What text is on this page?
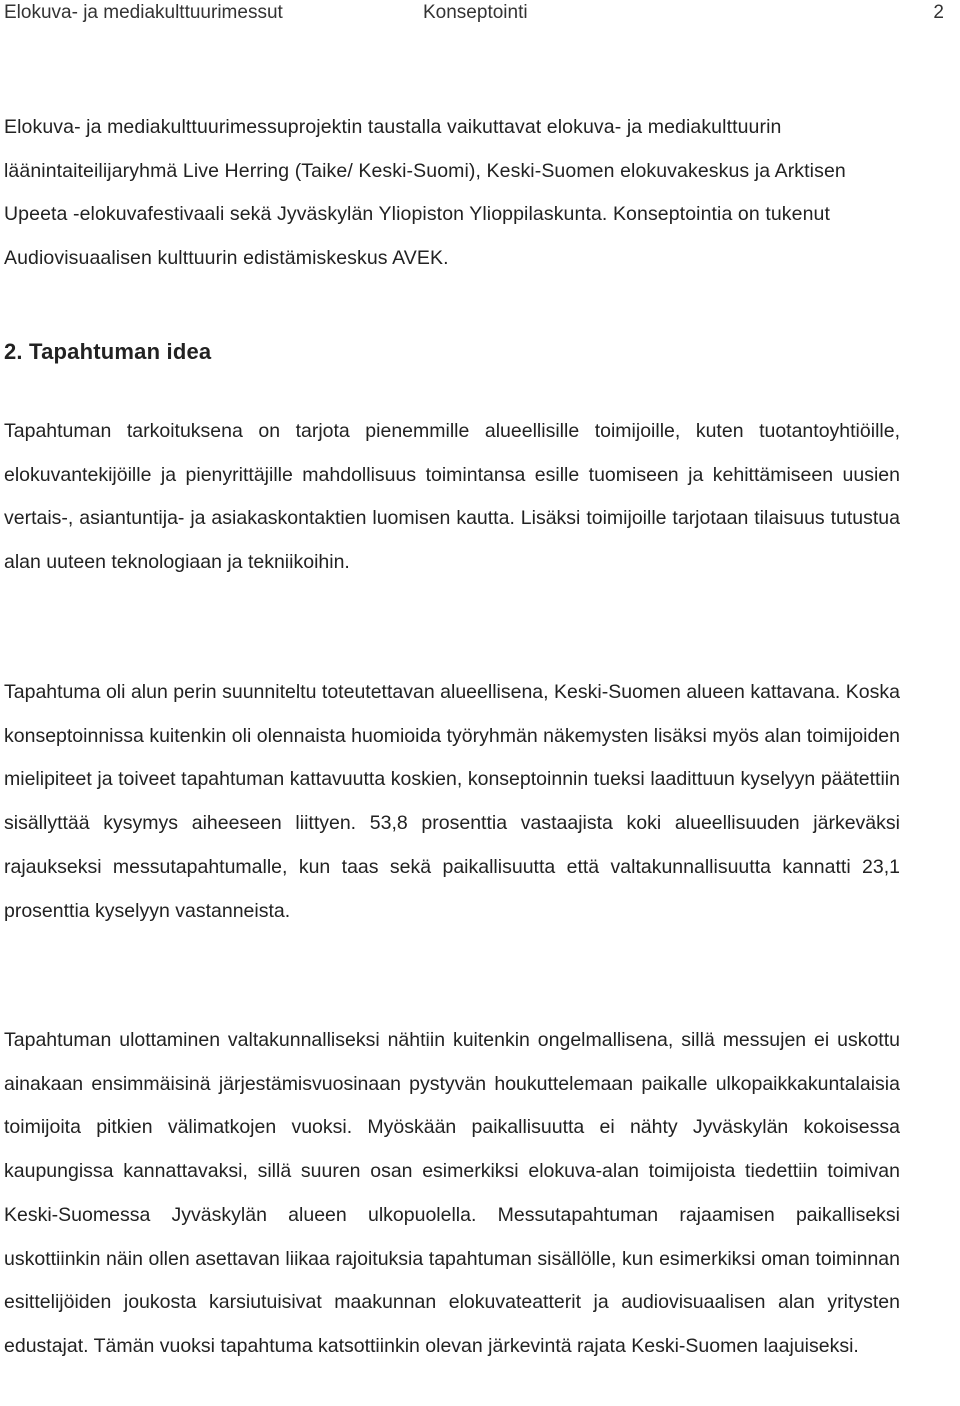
Elokuva- ja mediakulttuurimessut	Konseptointi	2

Elokuva- ja mediakulttuurimessuprojektin taustalla vaikuttavat elokuva- ja mediakulttuurin läänintaiteilijaryhmä Live Herring (Taike/ Keski-Suomi), Keski-Suomen elokuvakeskus ja Arktisen Upeeta -elokuvafestivaali sekä Jyväskylän Yliopiston Ylioppilaskunta. Konseptointia on tukenut Audiovisuaalisen kulttuurin edistämiskeskus AVEK.

2. Tapahtuman idea

Tapahtuman tarkoituksena on tarjota pienemmille alueellisille toimijoille, kuten tuotantoyhtiöille, elokuvantekijöille ja pienyrittäjille mahdollisuus toimintansa esille tuomiseen ja kehittämiseen uusien vertais-, asiantuntija- ja asiakaskontaktien luomisen kautta. Lisäksi toimijoille tarjotaan tilaisuus tutustua alan uuteen teknologiaan ja tekniikoihin.

Tapahtuma oli alun perin suunniteltu toteutettavan alueellisena, Keski-Suomen alueen kattavana. Koska konseptoinnissa kuitenkin oli olennaista huomioida työryhmän näkemysten lisäksi myös alan toimijoiden mielipiteet ja toiveet tapahtuman kattavuutta koskien, konseptoinnin tueksi laadittuun kyselyyn päätettiin sisällyttää kysymys aiheeseen liittyen. 53,8 prosenttia vastaajista koki alueellisuuden järkeväksi rajaukseksi messutapahtumalle, kun taas sekä paikallisuutta että valtakunnallisuutta kannatti 23,1 prosenttia kyselyyn vastanneista.

Tapahtuman ulottaminen valtakunnalliseksi nähtiin kuitenkin ongelmallisena, sillä messujen ei uskottu ainakaan ensimmäisinä järjestämisvuosinaan pystyvän houkuttelemaan paikalle ulkopaikkakuntalaisia toimijoita pitkien välimatkojen vuoksi. Myöskään paikallisuutta ei nähty Jyväskylän kokoisessa kaupungissa kannattavaksi, sillä suuren osan esimerkiksi elokuva-alan toimijoista tiedettiin toimivan Keski-Suomessa Jyväskylän alueen ulkopuolella. Messutapahtuman rajaamisen paikalliseksi uskottiinkin näin ollen asettavan liikaa rajoituksia tapahtuman sisällölle, kun esimerkiksi oman toiminnan esittelijöiden joukosta karsiutuisivat maakunnan elokuvateatterit ja audiovisuaalisen alan yritysten edustajat. Tämän vuoksi tapahtuma katsottiinkin olevan järkevintä rajata Keski-Suomen laajuiseksi.
